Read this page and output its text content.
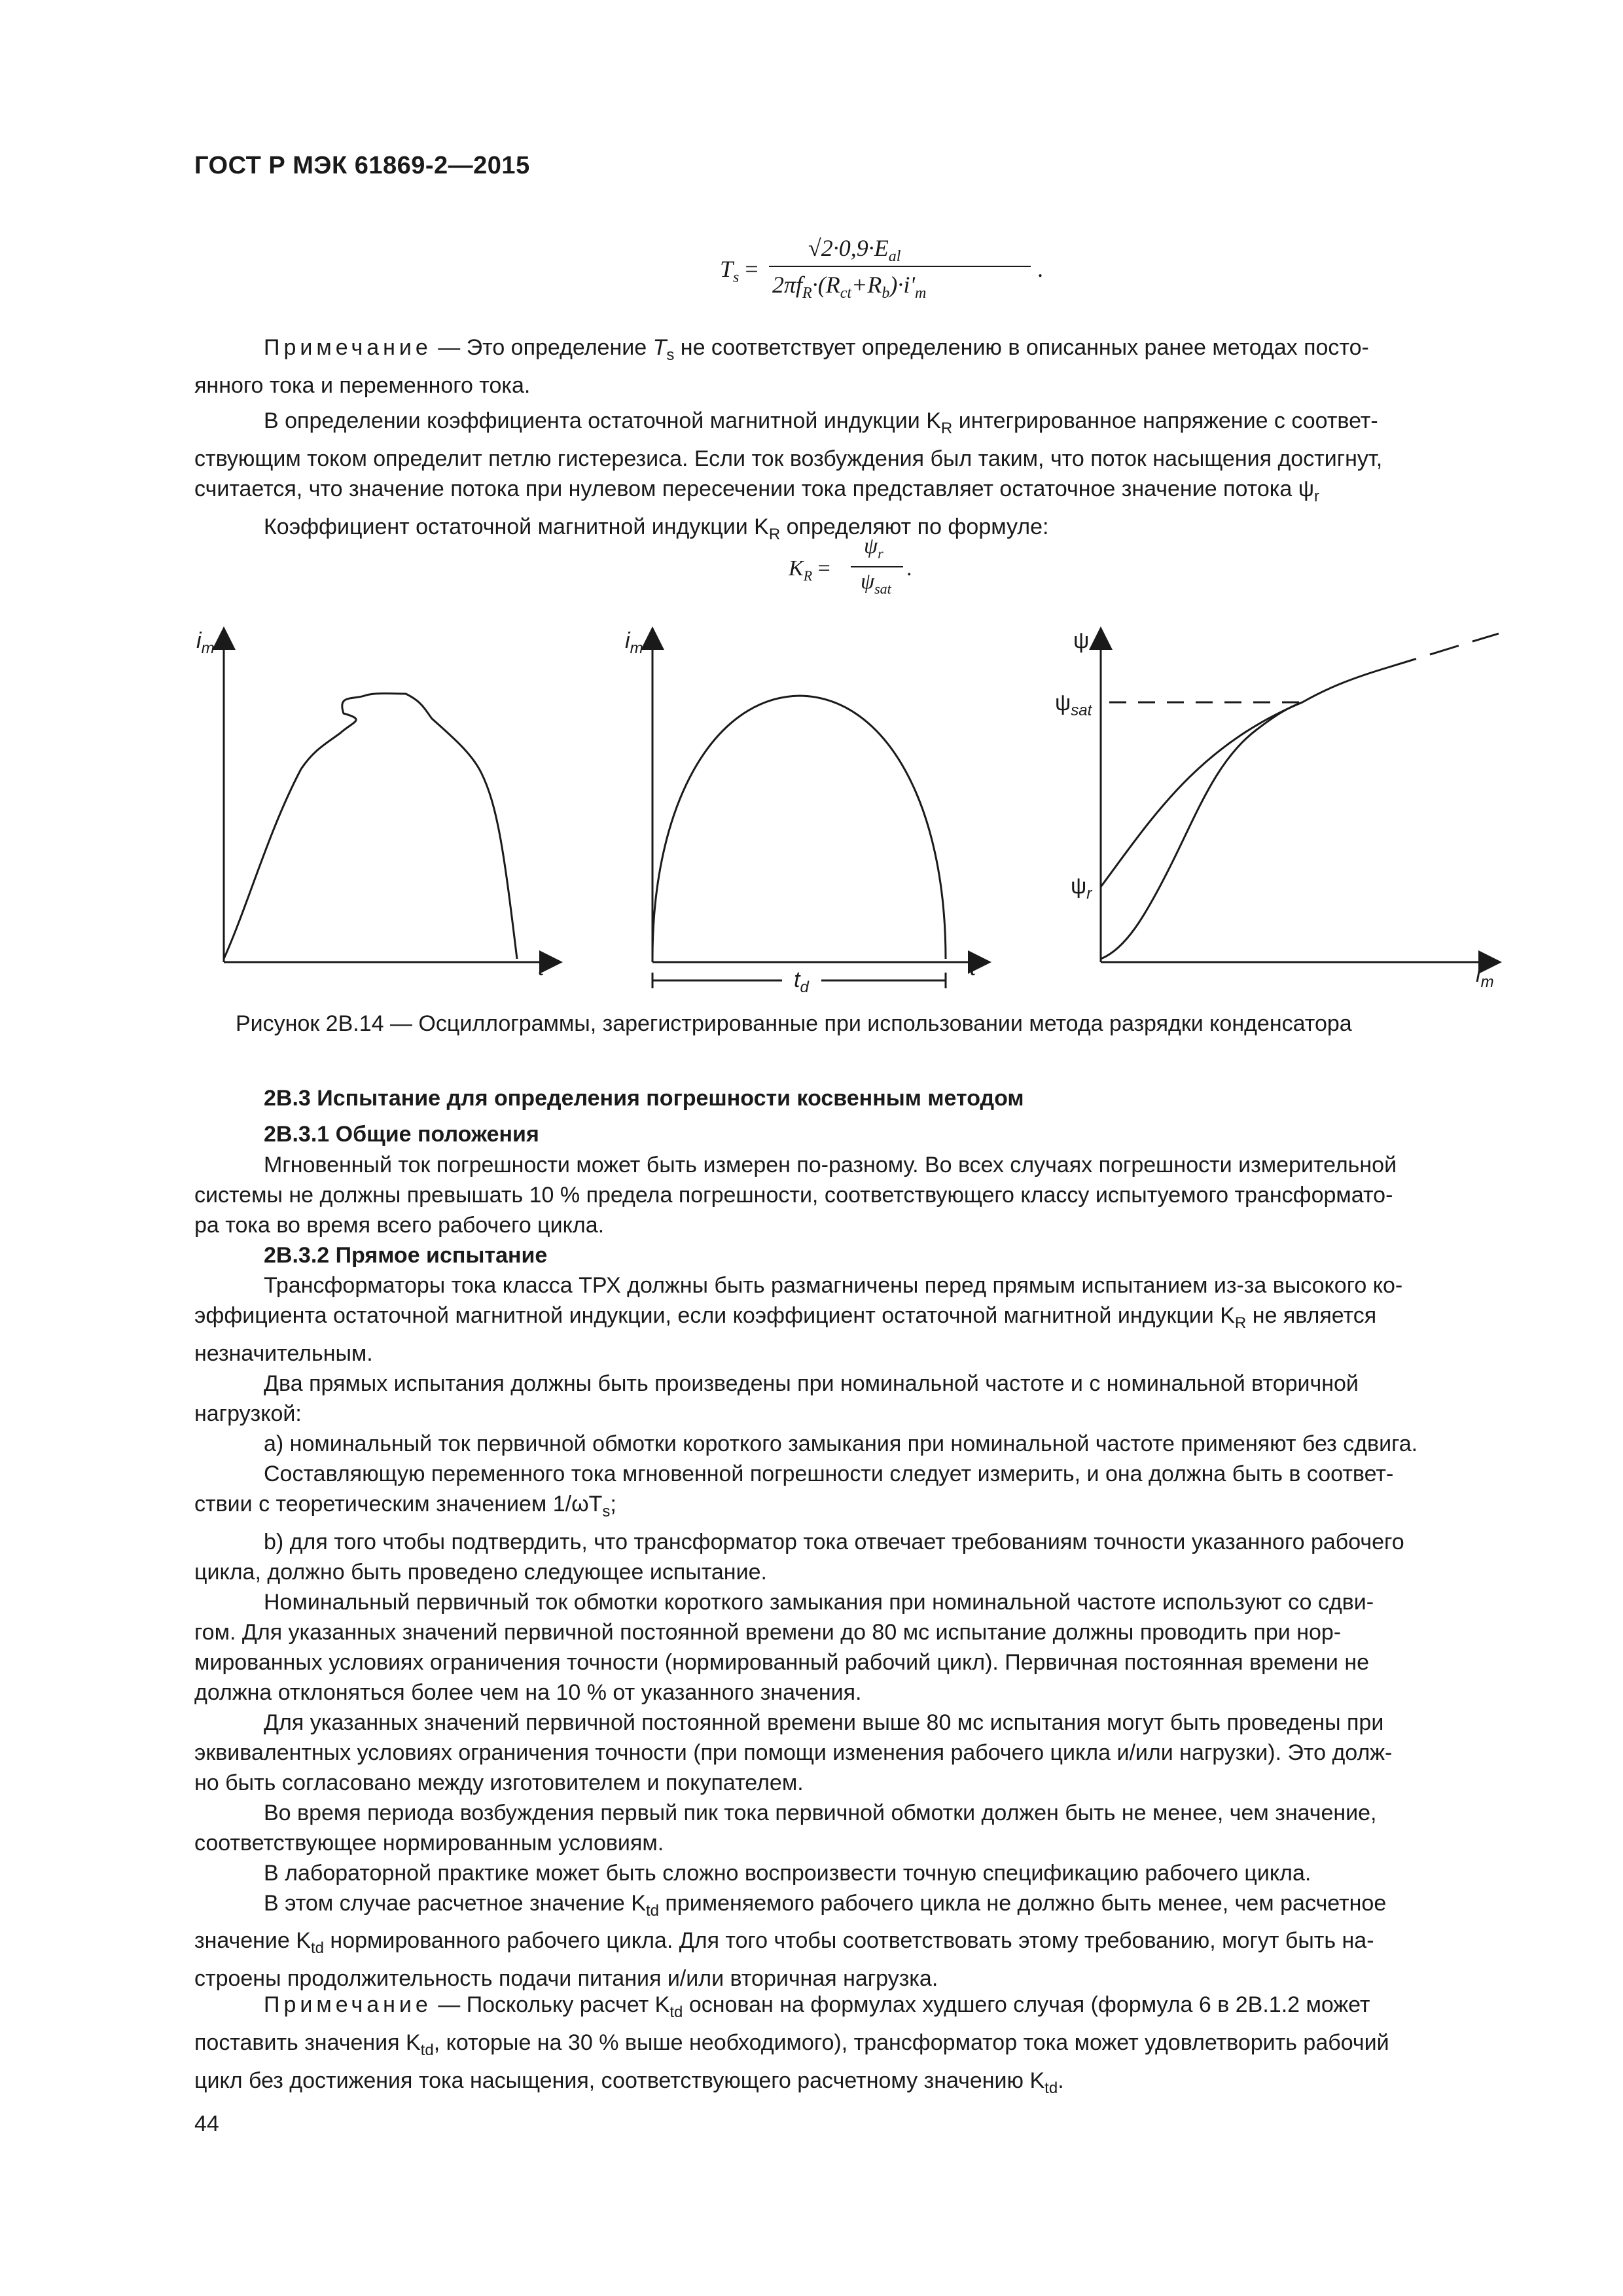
ГОСТ Р МЭК 61869-2—2015
$T_s$ =
$√2\cdot 0,9\cdot E_{al}$
$2\pi f_R\cdot(R_{ct}+R_b)\cdot i'_m$
.
Примечание — Это определение $T_s$ не соответствует определению в описанных ранее методах посто-
янного тока и переменного тока.
В определении коэффициента остаточной магнитной индукции $K_R$ интегрированное напряжение с соответ-
ствующим током определит петлю гистерезиса. Если ток возбуждения был таким, что поток насыщения достигнут,
считается, что значение потока при нулевом пересечении тока представляет остаточное значение потока $\psi_r$
Коэффициент остаточной магнитной индукции $K_R$ определяют по формуле:
$K_R$ =
$\psi_r$
.
$\psi_{sat}$
$i_m$
t
$i_m$
t
$t_d$
ψ
$\psi_{sat}$
$\psi_r$
$i_m$
Рисунок 2В.14 — Осциллограммы, зарегистрированные при использовании метода разрядки конденсатора
2В.3 Испытание для определения погрешности косвенным методом
2В.3.1 Общие положения
Мгновенный ток погрешности может быть измерен по-разному. Во всех случаях погрешности измерительной
системы не должны превышать 10 % предела погрешности, соответствующего классу испытуемого трансформато-
ра тока во время всего рабочего цикла.
2В.3.2 Прямое испытание
Трансформаторы тока класса ТРХ должны быть размагничены перед прямым испытанием из-за высокого ко-
эффициента остаточной магнитной индукции, если коэффициент остаточной магнитной индукции $K_R$ не является
незначительным.
Два прямых испытания должны быть произведены при номинальной частоте и с номинальной вторичной
нагрузкой:
а) номинальный ток первичной обмотки короткого замыкания при номинальной частоте применяют без сдвига.
Составляющую переменного тока мгновенной погрешности следует измерить, и она должна быть в соответ-
ствии с теоретическим значением $1/\omega T_s$;
b) для того чтобы подтвердить, что трансформатор тока отвечает требованиям точности указанного рабочего
цикла, должно быть проведено следующее испытание.
Номинальный первичный ток обмотки короткого замыкания при номинальной частоте используют со сдви-
гом. Для указанных значений первичной постоянной времени до 80 мс испытание должны проводить при нор-
мированных условиях ограничения точности (нормированный рабочий цикл). Первичная постоянная времени не
должна отклоняться более чем на 10 % от указанного значения.
Для указанных значений первичной постоянной времени выше 80 мс испытания могут быть проведены при
эквивалентных условиях ограничения точности (при помощи изменения рабочего цикла и/или нагрузки). Это долж-
но быть согласовано между изготовителем и покупателем.
Во время периода возбуждения первый пик тока первичной обмотки должен быть не менее, чем значение,
соответствующее нормированным условиям.
В лабораторной практике может быть сложно воспроизвести точную спецификацию рабочего цикла.
В этом случае расчетное значение $K_{td}$ применяемого рабочего цикла не должно быть менее, чем расчетное
значение $K_{td}$ нормированного рабочего цикла. Для того чтобы соответствовать этому требованию, могут быть на-
строены продолжительность подачи питания и/или вторичная нагрузка.
Примечание — Поскольку расчет $K_{td}$ основан на формулах худшего случая (формула 6 в 2В.1.2 может
поставить значения $K_{td}$, которые на 30 % выше необходимого), трансформатор тока может удовлетворить рабочий
цикл без достижения тока насыщения, соответствующего расчетному значению $K_{td}$.
44
